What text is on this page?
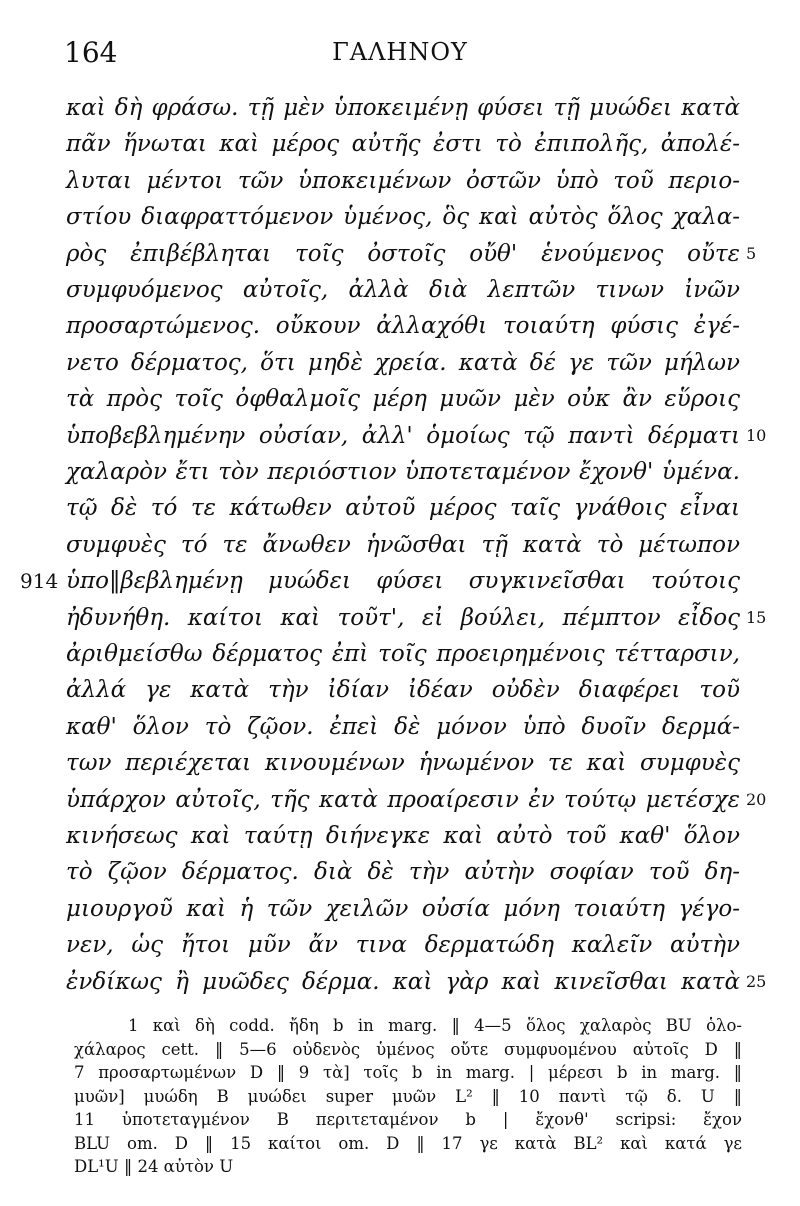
164	ΓΑΛΗΝΟΥ
καὶ δὴ φράσω. τῇ μὲν ὑποκειμένῃ φύσει τῇ μυώδει κατὰ
πᾶν ἥνωται καὶ μέρος αὐτῆς ἐστι τὸ ἐπιπολῆς, ἀπολέ-
λυται μέντοι τῶν ὑποκειμένων ὀστῶν ὑπὸ τοῦ περιο-
στίου διαφραττόμενον ὑμένος, ὃς καὶ αὐτὸς ὅλος χαλα-
ρὸς ἐπιβέβληται τοῖς ὀστοῖς οὔθ' ἑνούμενος οὔτε 5
συμφυόμενος αὐτοῖς, ἀλλὰ διὰ λεπτῶν τινων ἰνῶν
προσαρτώμενος. οὔκουν ἀλλαχόθι τοιαύτη φύσις ἐγέ-
νετο δέρματος, ὅτι μηδὲ χρεία. κατὰ δέ γε τῶν μήλων
τὰ πρὸς τοῖς ὀφθαλμοῖς μέρη μυῶν μὲν οὐκ ἂν εὕροις
ὑποβεβλημένην οὐσίαν, ἀλλ' ὁμοίως τῷ παντὶ δέρματι 10
χαλαρὸν ἔτι τὸν περιόστιον ὑποτεταμένον ἔχονθ' ὑμένα.
τῷ δὲ τό τε κάτωθεν αὐτοῦ μέρος ταῖς γνάθοις εἶναι
συμφυὲς τό τε ἄνωθεν ἡνῶσθαι τῇ κατὰ τὸ μέτωπον
ὑπο‖βεβλημένῃ μυώδει φύσει συγκινεῖσθαι τούτοις
914
ἠδυνήθη. καίτοι καὶ τοῦτ', εἰ βούλει, πέμπτον εἶδος 15
ἀριθμείσθω δέρματος ἐπὶ τοῖς προειρημένοις τέτταρσιν,
ἀλλά γε κατὰ τὴν ἰδίαν ἰδέαν οὐδὲν διαφέρει τοῦ
καθ' ὅλον τὸ ζῷον. ἐπεὶ δὲ μόνον ὑπὸ δυοῖν δερμά-
των περιέχεται κινουμένων ἡνωμένον τε καὶ συμφυὲς
ὑπάρχον αὐτοῖς, τῆς κατὰ προαίρεσιν ἐν τούτῳ μετέσχε 20
κινήσεως καὶ ταύτῃ διήνεγκε καὶ αὐτὸ τοῦ καθ' ὅλον
τὸ ζῷον δέρματος. διὰ δὲ τὴν αὐτὴν σοφίαν τοῦ δη-
μιουργοῦ καὶ ἡ τῶν χειλῶν οὐσία μόνη τοιαύτη γέγο-
νεν, ὡς ἤτοι μῦν ἄν τινα δερματώδη καλεῖν αὐτὴν
ἐνδίκως ἢ μυῶδες δέρμα. καὶ γὰρ καὶ κινεῖσθαι κατὰ 25
1 καὶ δὴ codd. ἤδη b in marg. ‖ 4—5 ὅλος χαλαρὸς BU ὁλο-
χάλαρος cett. ‖ 5—6 οὐδενὸς ὑμένος οὔτε συμφυομένου αὐτοῖς D ‖
7 προσαρτωμένων D ‖ 9 τὰ] τοῖς b in marg. | μέρεσι b in marg. ‖
μυῶν] μυώδη B μυώδει super μυῶν L² ‖ 10 παντὶ τῷ δ. U ‖
11 ὑποτεταγμένον B περιτεταμένον b | ἔχονθ' scripsi: ἔχον
BLU om. D ‖ 15 καίτοι om. D ‖ 17 γε κατὰ BL² καὶ κατά γε
DL¹U ‖ 24 αὐτὸν U
